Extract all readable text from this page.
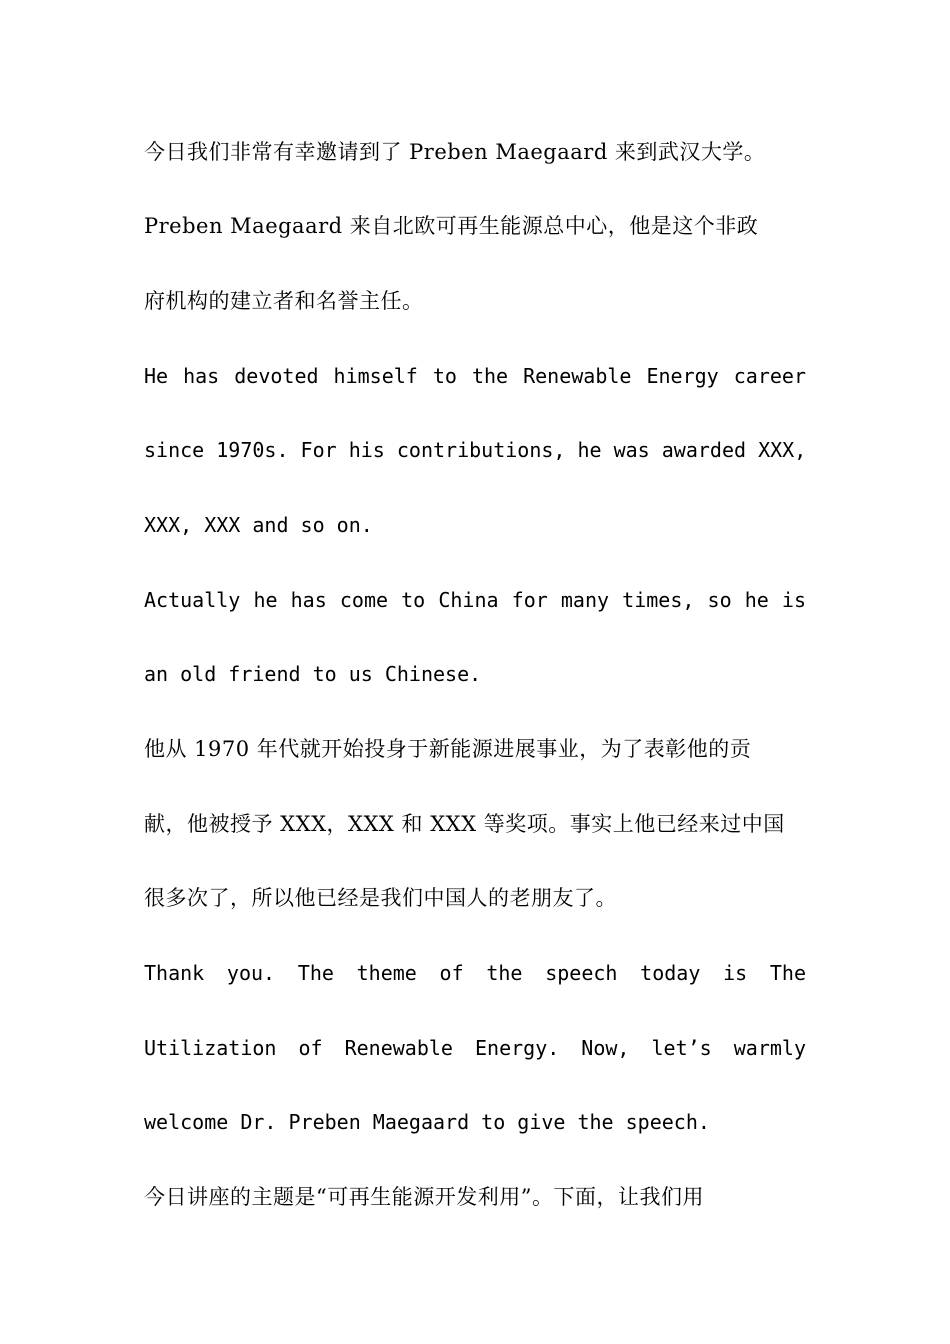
今日我们非常有幸邀请到了 Preben Maegaard 来到武汉大学。
Preben Maegaard 来自北欧可再生能源总中心，他是这个非政
府机构的建立者和名誉主任。
He has devoted himself to the Renewable Energy career
since 1970s. For his contributions, he was awarded XXX,
XXX, XXX and so on.
Actually he has come to China for many times, so he is
an old friend to us Chinese.
他从 1970 年代就开始投身于新能源进展事业，为了表彰他的贡
献，他被授予 XXX，XXX 和 XXX 等奖项。事实上他已经来过中国
很多次了，所以他已经是我们中国人的老朋友了。
Thank you. The theme of the speech today is The
Utilization of Renewable Energy. Now, let’s warmly
welcome Dr. Preben Maegaard to give the speech.
今日讲座的主题是“可再生能源开发利用”。下面，让我们用
